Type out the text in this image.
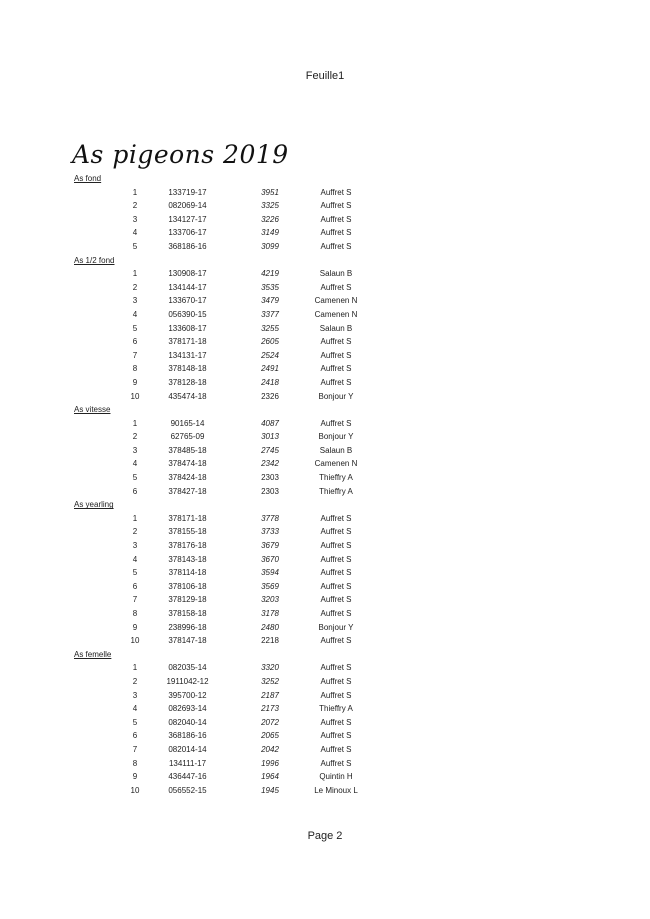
Feuille1
As pigeons 2019
As fond
1	133719-17	3951	Auffret S
2	082069-14	3325	Auffret S
3	134127-17	3226	Auffret S
4	133706-17	3149	Auffret S
5	368186-16	3099	Auffret S
As 1/2 fond
1	130908-17	4219	Salaun B
2	134144-17	3535	Auffret S
3	133670-17	3479	Camenen N
4	056390-15	3377	Camenen N
5	133608-17	3255	Salaun B
6	378171-18	2605	Auffret S
7	134131-17	2524	Auffret S
8	378148-18	2491	Auffret S
9	378128-18	2418	Auffret S
10	435474-18	2326	Bonjour Y
As vitesse
1	90165-14	4087	Auffret S
2	62765-09	3013	Bonjour Y
3	378485-18	2745	Salaun B
4	378474-18	2342	Camenen N
5	378424-18	2303	Thieffry A
6	378427-18	2303	Thieffry A
As yearling
1	378171-18	3778	Auffret S
2	378155-18	3733	Auffret S
3	378176-18	3679	Auffret S
4	378143-18	3670	Auffret S
5	378114-18	3594	Auffret S
6	378106-18	3569	Auffret S
7	378129-18	3203	Auffret S
8	378158-18	3178	Auffret S
9	238996-18	2480	Bonjour Y
10	378147-18	2218	Auffret S
As femelle
1	082035-14	3320	Auffret S
2	1911042-12	3252	Auffret S
3	395700-12	2187	Auffret S
4	082693-14	2173	Thieffry A
5	082040-14	2072	Auffret S
6	368186-16	2065	Auffret S
7	082014-14	2042	Auffret S
8	134111-17	1996	Auffret S
9	436447-16	1964	Quintin H
10	056552-15	1945	Le Minoux L
Page 2
